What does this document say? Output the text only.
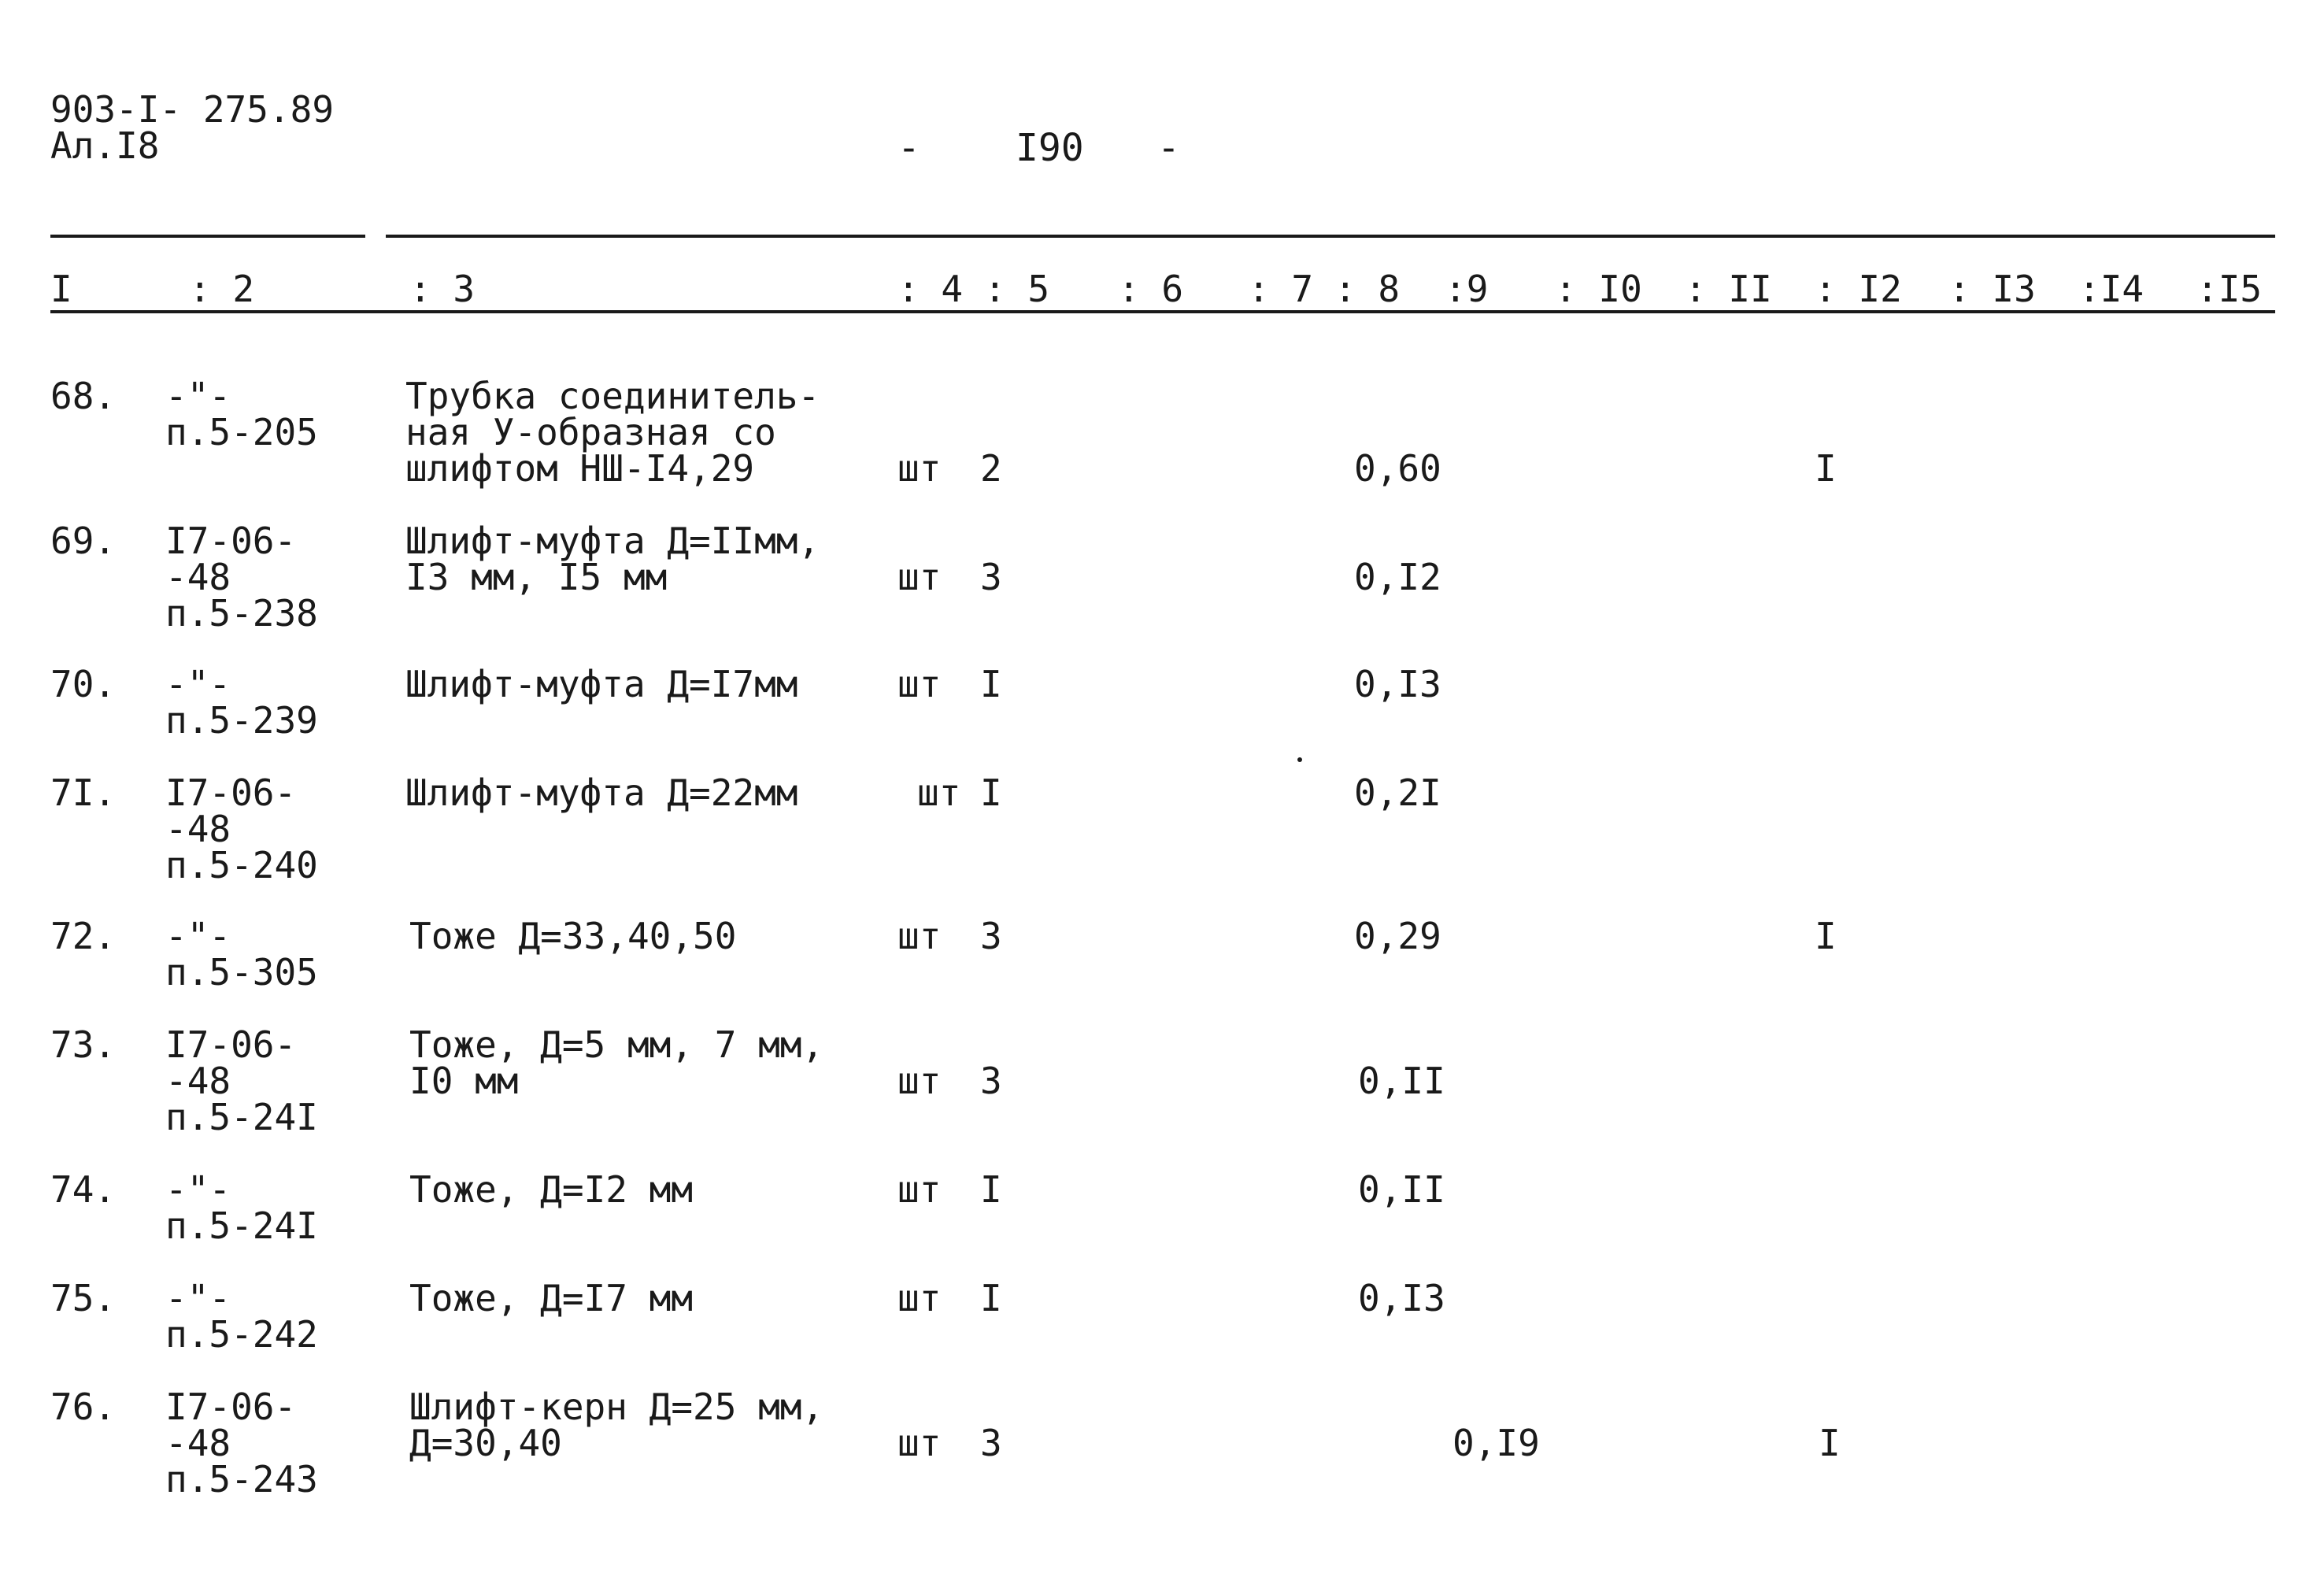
903-I- 275.89
Ал.I8	-	I90 -
I	: 2	: 3	: 4 : 5 : 6 : 7 : 8 :9 : I0 : II : I2 : I3 :I4 :I5
68. -"-
п.5-205
Трубка соединитель-
ная У-образная со
шлифтом НШ-I4,29	шт 2	0,60	I
69. I7-06-
-48
п.5-238
Шлифт-муфта Д=IIмм,
I3 мм, I5 мм	шт 3	0,I2
70. -"-
п.5-239
Шлифт-муфта Д=I7мм	шт I	0,I3
7I. I7-06-
-48
п.5-240
Шлифт-муфта Д=22мм	шт I	0,2I
72. -"-
п.5-305
Тоже Д=33,40,50	шт 3	0,29	I
73. I7-06-
-48
п.5-24I
Тоже, Д=5 мм, 7 мм,
I0 мм	шт 3	0,II
74. -"-
п.5-24I
Тоже, Д=I2 мм	шт I	0,II
75. -"-
п.5-242
Тоже, Д=I7 мм	шт I	0,I3
76. I7-06-
-48
п.5-243
Шлифт-керн Д=25 мм,
Д=30,40	шт 3	0,I9	I
